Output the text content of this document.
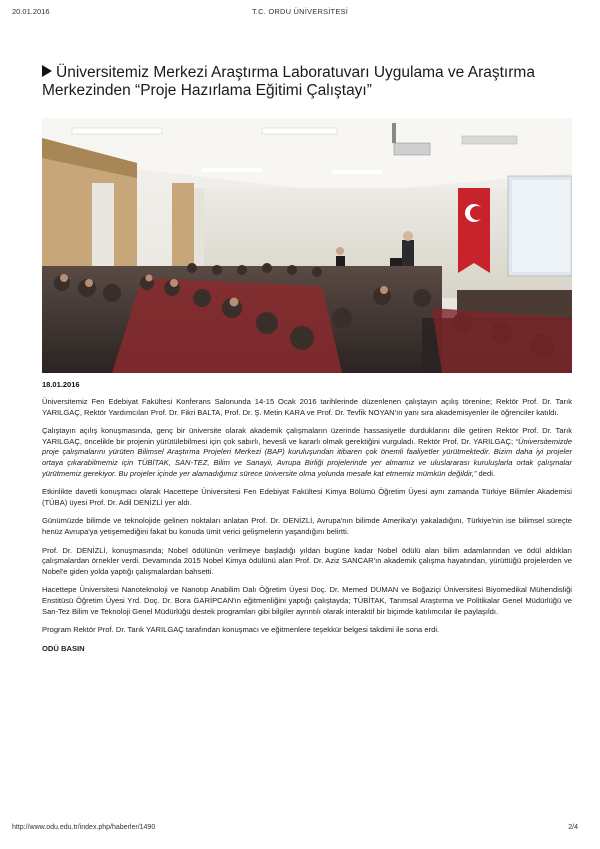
20.01.2016	T.C. ORDU ÜNİVERSİTESİ
Üniversitemiz Merkezi Araştırma Laboratuvarı Uygulama ve Araştırma Merkezinden “Proje Hazırlama Eğitimi Çalıştayı”
18.01.2016

Üniversitemiz Fen Edebiyat Fakültesi Konferans Salonunda 14-15 Ocak 2016 tarihlerinde düzenlenen çalıştayın açılış törenine; Rektör Prof. Dr. Tarık YARILGAÇ, Rektör Yardımcıları Prof. Dr. Fikri BALTA, Prof. Dr. Ş. Metin KARA ve Prof. Dr. Tevfik NOYAN'ın yanı sıra akademisyenler ile öğrenciler katıldı.

Çalıştayın açılış konuşmasında, genç bir üniversite olarak akademik çalışmaların üzerinde hassasiyetle durduklarını dile getiren Rektör Prof. Dr. Tarık YARILGAÇ, öncelikle bir projenin yürütülebilmesi için çok sabırlı, hevesli ve kararlı olmak gerektiğini vurguladı. Rektör Prof. Dr. YARILGAÇ; “Üniversitemizde proje çalışmalarını yürüten Bilimsel Araştırma Projeleri Merkezi (BAP) kuruluşundan itibaren çok önemli faaliyetler yürütmektedir. Bizim daha iyi projeler ortaya çıkarabilmemiz için TÜBİTAK, SAN-TEZ, Bilim ve Sanayii, Avrupa Birliği projelerinde yer almamız ve uluslararası kuruluşlarla ortak çalışmalar yürütmemiz gerekiyor. Bu projeler içinde yer alamadığımız sürece üniversite olma yolunda mesafe kat etmemiz mümkün değildir,” dedi.

Etkinlikte davetli konuşmacı olarak Hacettepe Üniversitesi Fen Edebiyat Fakültesi Kimya Bölümü Öğretim Üyesi aynı zamanda Türkiye Bilimler Akademisi (TÜBA) üyesi Prof. Dr. Adil DENİZLİ yer aldı.

Günümüzde bilimde ve teknolojide gelinen noktaları anlatan Prof. Dr. DENİZLİ, Avrupa'nın bilimde Amerika'yı yakaladığını, Türkiye'nin ise bilimsel süreçte henüz Avrupa'ya yetişemediğini fakat bu konuda ümit verici gelişmelerin yaşandığını belirtti.

Prof. Dr. DENİZLİ, konuşmasında; Nobel ödülünün verilmeye başladığı yıldan bugüne kadar Nobel ödülü alan bilim adamlarından ve ödül aldıkları çalışmalardan örnekler verdi. Devamında 2015 Nobel Kimya ödülünü alan Prof. Dr. Aziz SANCAR'ın akademik çalışma hayatından, yürüttüğü projelerden ve Nobel'e giden yolda yaptığı çalışmalardan bahsetti.

Hacettepe Üniversitesi Nanoteknoloji ve Nanotıp Anabilim Dalı Öğretim Üyesi Doç. Dr. Memed DUMAN ve Boğaziçi Üniversitesi Biyomedikal Mühendisliği Enstitüsü Öğretim Üyesi Yrd. Doç. Dr. Bora GARİPCAN'ın eğitmenliğini yaptığı çalıştayda; TÜBİTAK, Tarımsal Araştırma ve Politikalar Genel Müdürlüğü ve San-Tez Bilim ve Teknoloji Genel Müdürlüğü destek programları gibi bilgiler ayrıntılı olarak interaktif bir biçimde katılımcılar ile paylaşıldı.

Program Rektör Prof. Dr. Tarık YARILGAÇ tarafından konuşmacı ve eğitmenlere teşekkür belgesi takdimi ile sona erdi.

ODÜ BASIN

http://www.odu.edu.tr/index.php/haberler/1490	2/4
